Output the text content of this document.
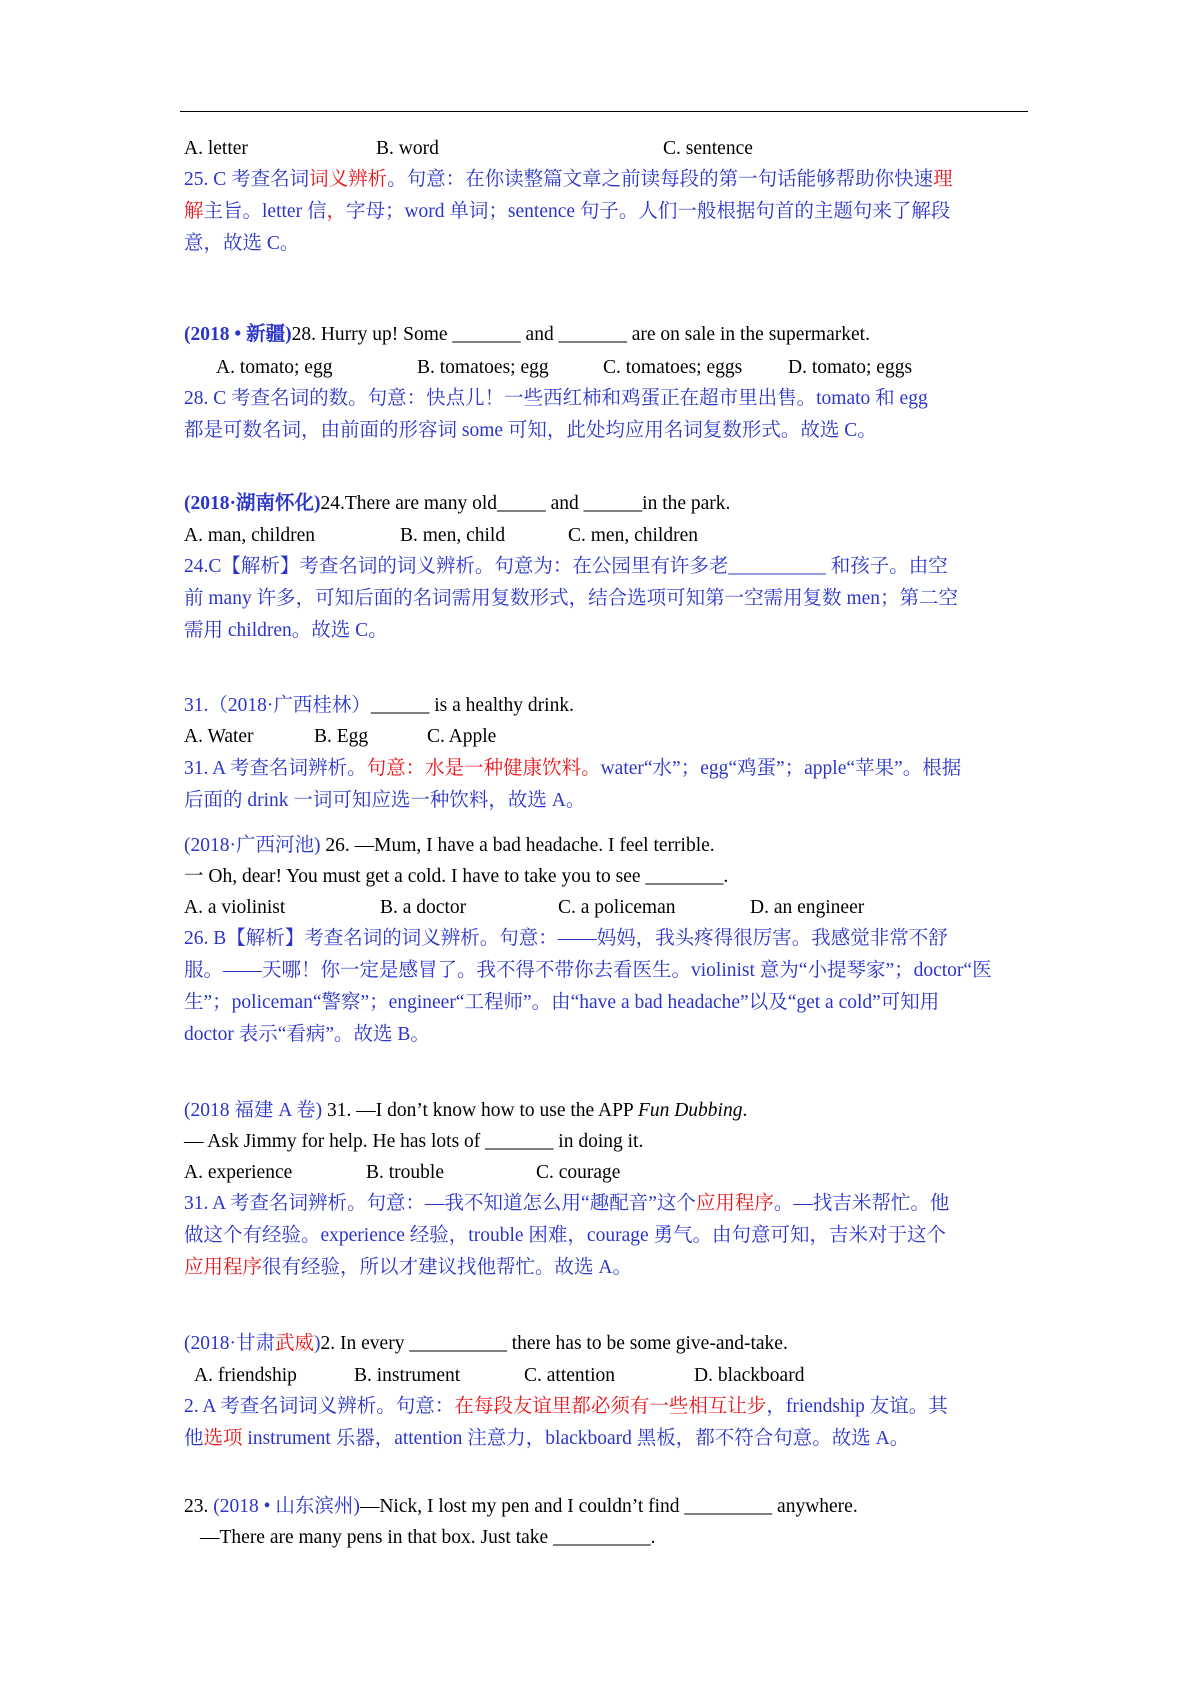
A. letter	B. word	C. sentence
25. C 考查名词词义辨析。句意：在你读整篇文章之前读每段的第一句话能够帮助你快速理
解主旨。letter 信，字母；word 单词；sentence 句子。人们一般根据句首的主题句来了解段
意，故选 C。
(2018 • 新疆)28. Hurry up! Some _______ and _______ are on sale in the supermarket.
A. tomato; egg	B. tomatoes; egg	C. tomatoes; eggs D. tomato; eggs
28. C 考查名词的数。句意：快点儿！一些西红柿和鸡蛋正在超市里出售。tomato 和 egg
都是可数名词，由前面的形容词 some 可知，此处均应用名词复数形式。故选 C。
(2018·湖南怀化)24.There are many old_____ and ______in the park.
A. man, children	B. men, child	C. men, children
24.C【解析】考查名词的词义辨析。句意为：在公园里有许多老__________ 和孩子。由空
前 many 许多，可知后面的名词需用复数形式，结合选项可知第一空需用复数 men；第二空
需用 children。故选 C。
31.（2018·广西桂林）______ is a healthy drink.
A. Water	B. Egg	C. Apple
31. A 考查名词辨析。句意：水是一种健康饮料。water“水”；egg“鸡蛋”；apple“苹果”。根据
后面的 drink 一词可知应选一种饮料，故选 A。
(2018·广西河池) 26. —Mum, I have a bad headache. I feel terrible.
一 Oh, dear! You must get a cold. I have to take you to see ________.
A. a violinist	B. a doctor	C. a policeman	D. an engineer
26. B【解析】考查名词的词义辨析。句意：——妈妈，我头疼得很厉害。我感觉非常不舒
服。——天哪！你一定是感冒了。我不得不带你去看医生。violinist 意为“小提琴家”；doctor“医
生”；policeman“警察”；engineer“工程师”。由“have a bad headache”以及“get a cold”可知用
doctor 表示“看病”。故选 B。
(2018 福建 A 卷) 31. —I don’t know how to use the APP Fun Dubbing.
— Ask Jimmy for help. He has lots of _______ in doing it.
A. experience	B. trouble	C. courage
31. A 考查名词辨析。句意：—我不知道怎么用“趣配音”这个应用程序。—找吉米帮忙。他
做这个有经验。experience 经验，trouble 困难，courage 勇气。由句意可知，吉米对于这个
应用程序很有经验，所以才建议找他帮忙。故选 A。
(2018·甘肃武威)2. In every __________ there has to be some give-and-take.
A. friendship	B. instrument	C. attention	D. blackboard
2. A 考查名词词义辨析。句意：在每段友谊里都必须有一些相互让步，friendship 友谊。其
他选项 instrument 乐器，attention 注意力，blackboard 黑板，都不符合句意。故选 A。
23. (2018 • 山东滨州)—Nick, I lost my pen and I couldn’t find _________ anywhere.
—There are many pens in that box. Just take __________.
